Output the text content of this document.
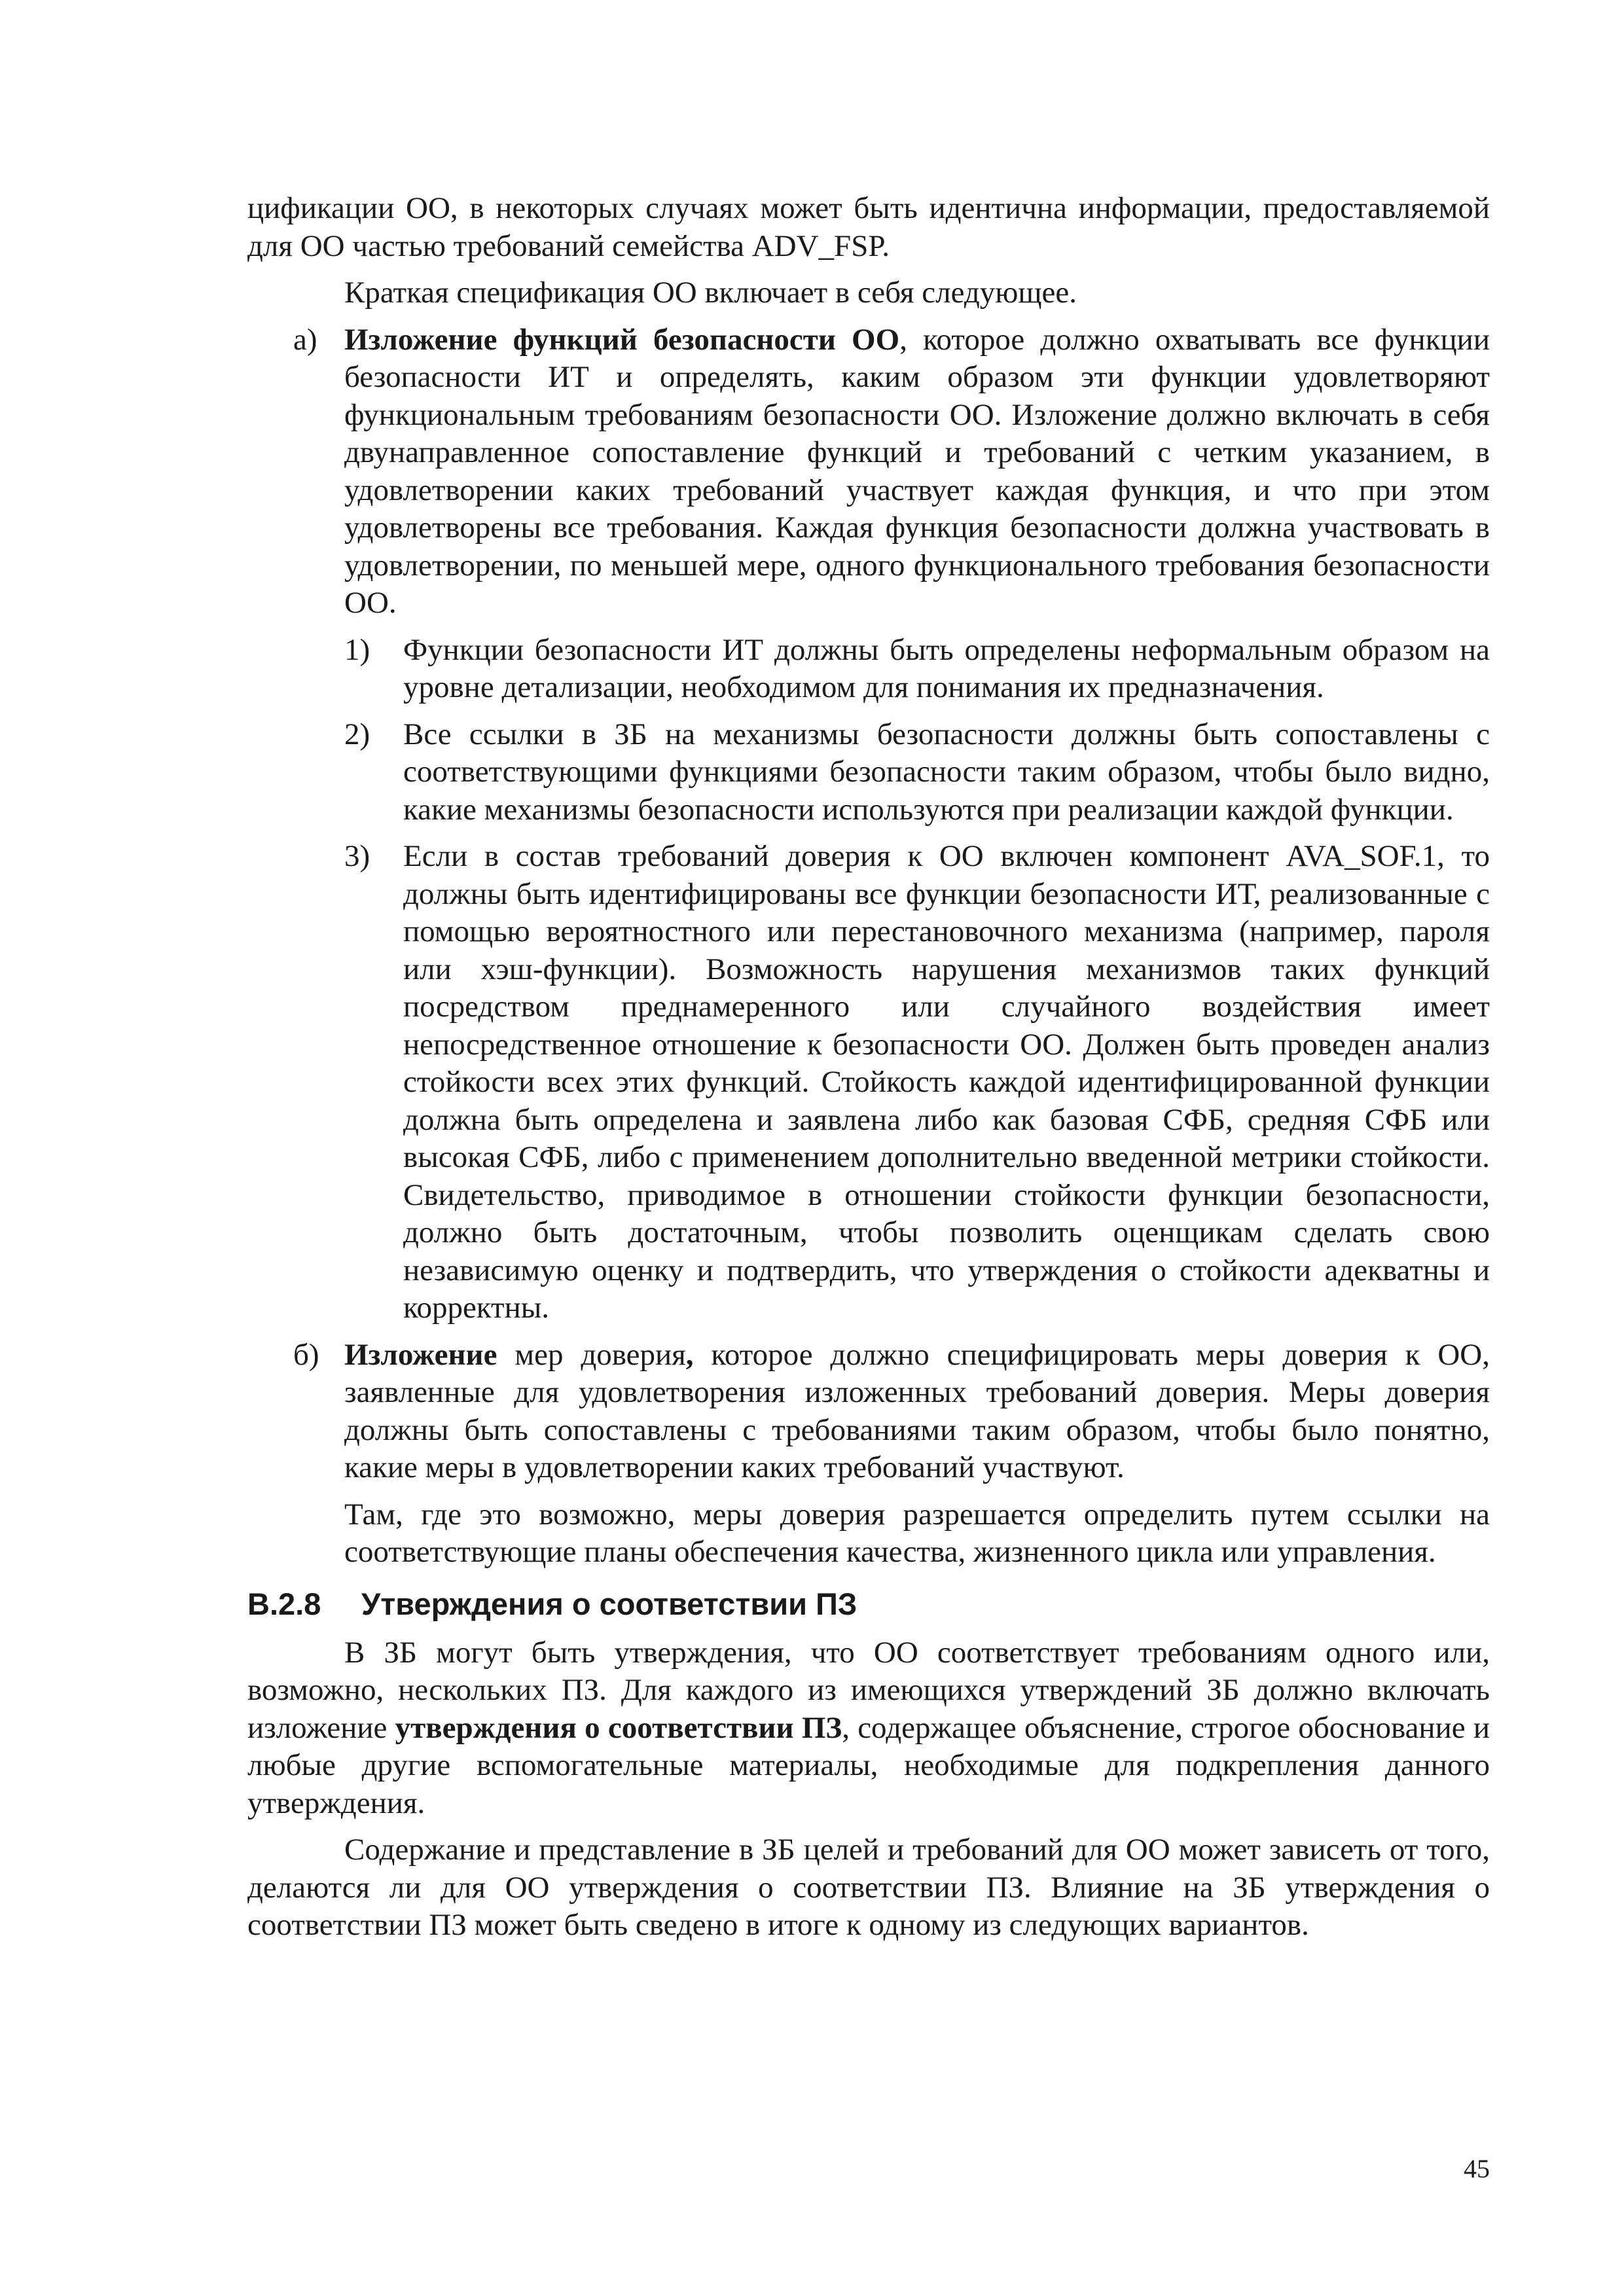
цификации ОО, в некоторых случаях может быть идентична информации, предоставляемой для ОО частью требований семейства ADV_FSP.

Краткая спецификация ОО включает в себя следующее.

а) Изложение функций безопасности ОО, которое должно охватывать все функции безопасности ИТ и определять, каким образом эти функции удовлетворяют функциональным требованиям безопасности ОО. Изложение должно включать в себя двунаправленное сопоставление функций и требований с четким указанием, в удовлетворении каких требований участвует каждая функция, и что при этом удовлетворены все требования. Каждая функция безопасности должна участвовать в удовлетворении, по меньшей мере, одного функционального требования безопасности ОО.
1) Функции безопасности ИТ должны быть определены неформальным образом на уровне детализации, необходимом для понимания их предназначения.
2) Все ссылки в ЗБ на механизмы безопасности должны быть сопоставлены с соответствующими функциями безопасности таким образом, чтобы было видно, какие механизмы безопасности используются при реализации каждой функции.
3) Если в состав требований доверия к ОО включен компонент AVA_SOF.1, то должны быть идентифицированы все функции безопасности ИТ, реализованные с помощью вероятностного или перестановочного механизма (например, пароля или хэш-функции). Возможность нарушения механизмов таких функций посредством преднамеренного или случайного воздействия имеет непосредственное отношение к безопасности ОО. Должен быть проведен анализ стойкости всех этих функций. Стойкость каждой идентифицированной функции должна быть определена и заявлена либо как базовая СФБ, средняя СФБ или высокая СФБ, либо с применением дополнительно введенной метрики стойкости. Свидетельство, приводимое в отношении стойкости функции безопасности, должно быть достаточным, чтобы позволить оценщикам сделать свою независимую оценку и подтвердить, что утверждения о стойкости адекватны и корректны.
б) Изложение мер доверия, которое должно специфицировать меры доверия к ОО, заявленные для удовлетворения изложенных требований доверия. Меры доверия должны быть сопоставлены с требованиями таким образом, чтобы было понятно, какие меры в удовлетворении каких требований участвуют.

Там, где это возможно, меры доверия разрешается определить путем ссылки на соответствующие планы обеспечения качества, жизненного цикла или управления.

В.2.8 Утверждения о соответствии ПЗ

В ЗБ могут быть утверждения, что ОО соответствует требованиям одного или, возможно, нескольких ПЗ. Для каждого из имеющихся утверждений ЗБ должно включать изложение утверждения о соответствии ПЗ, содержащее объяснение, строгое обоснование и любые другие вспомогательные материалы, необходимые для подкрепления данного утверждения.

Содержание и представление в ЗБ целей и требований для ОО может зависеть от того, делаются ли для ОО утверждения о соответствии ПЗ. Влияние на ЗБ утверждения о соответствии ПЗ может быть сведено в итоге к одному из следующих вариантов.

45
